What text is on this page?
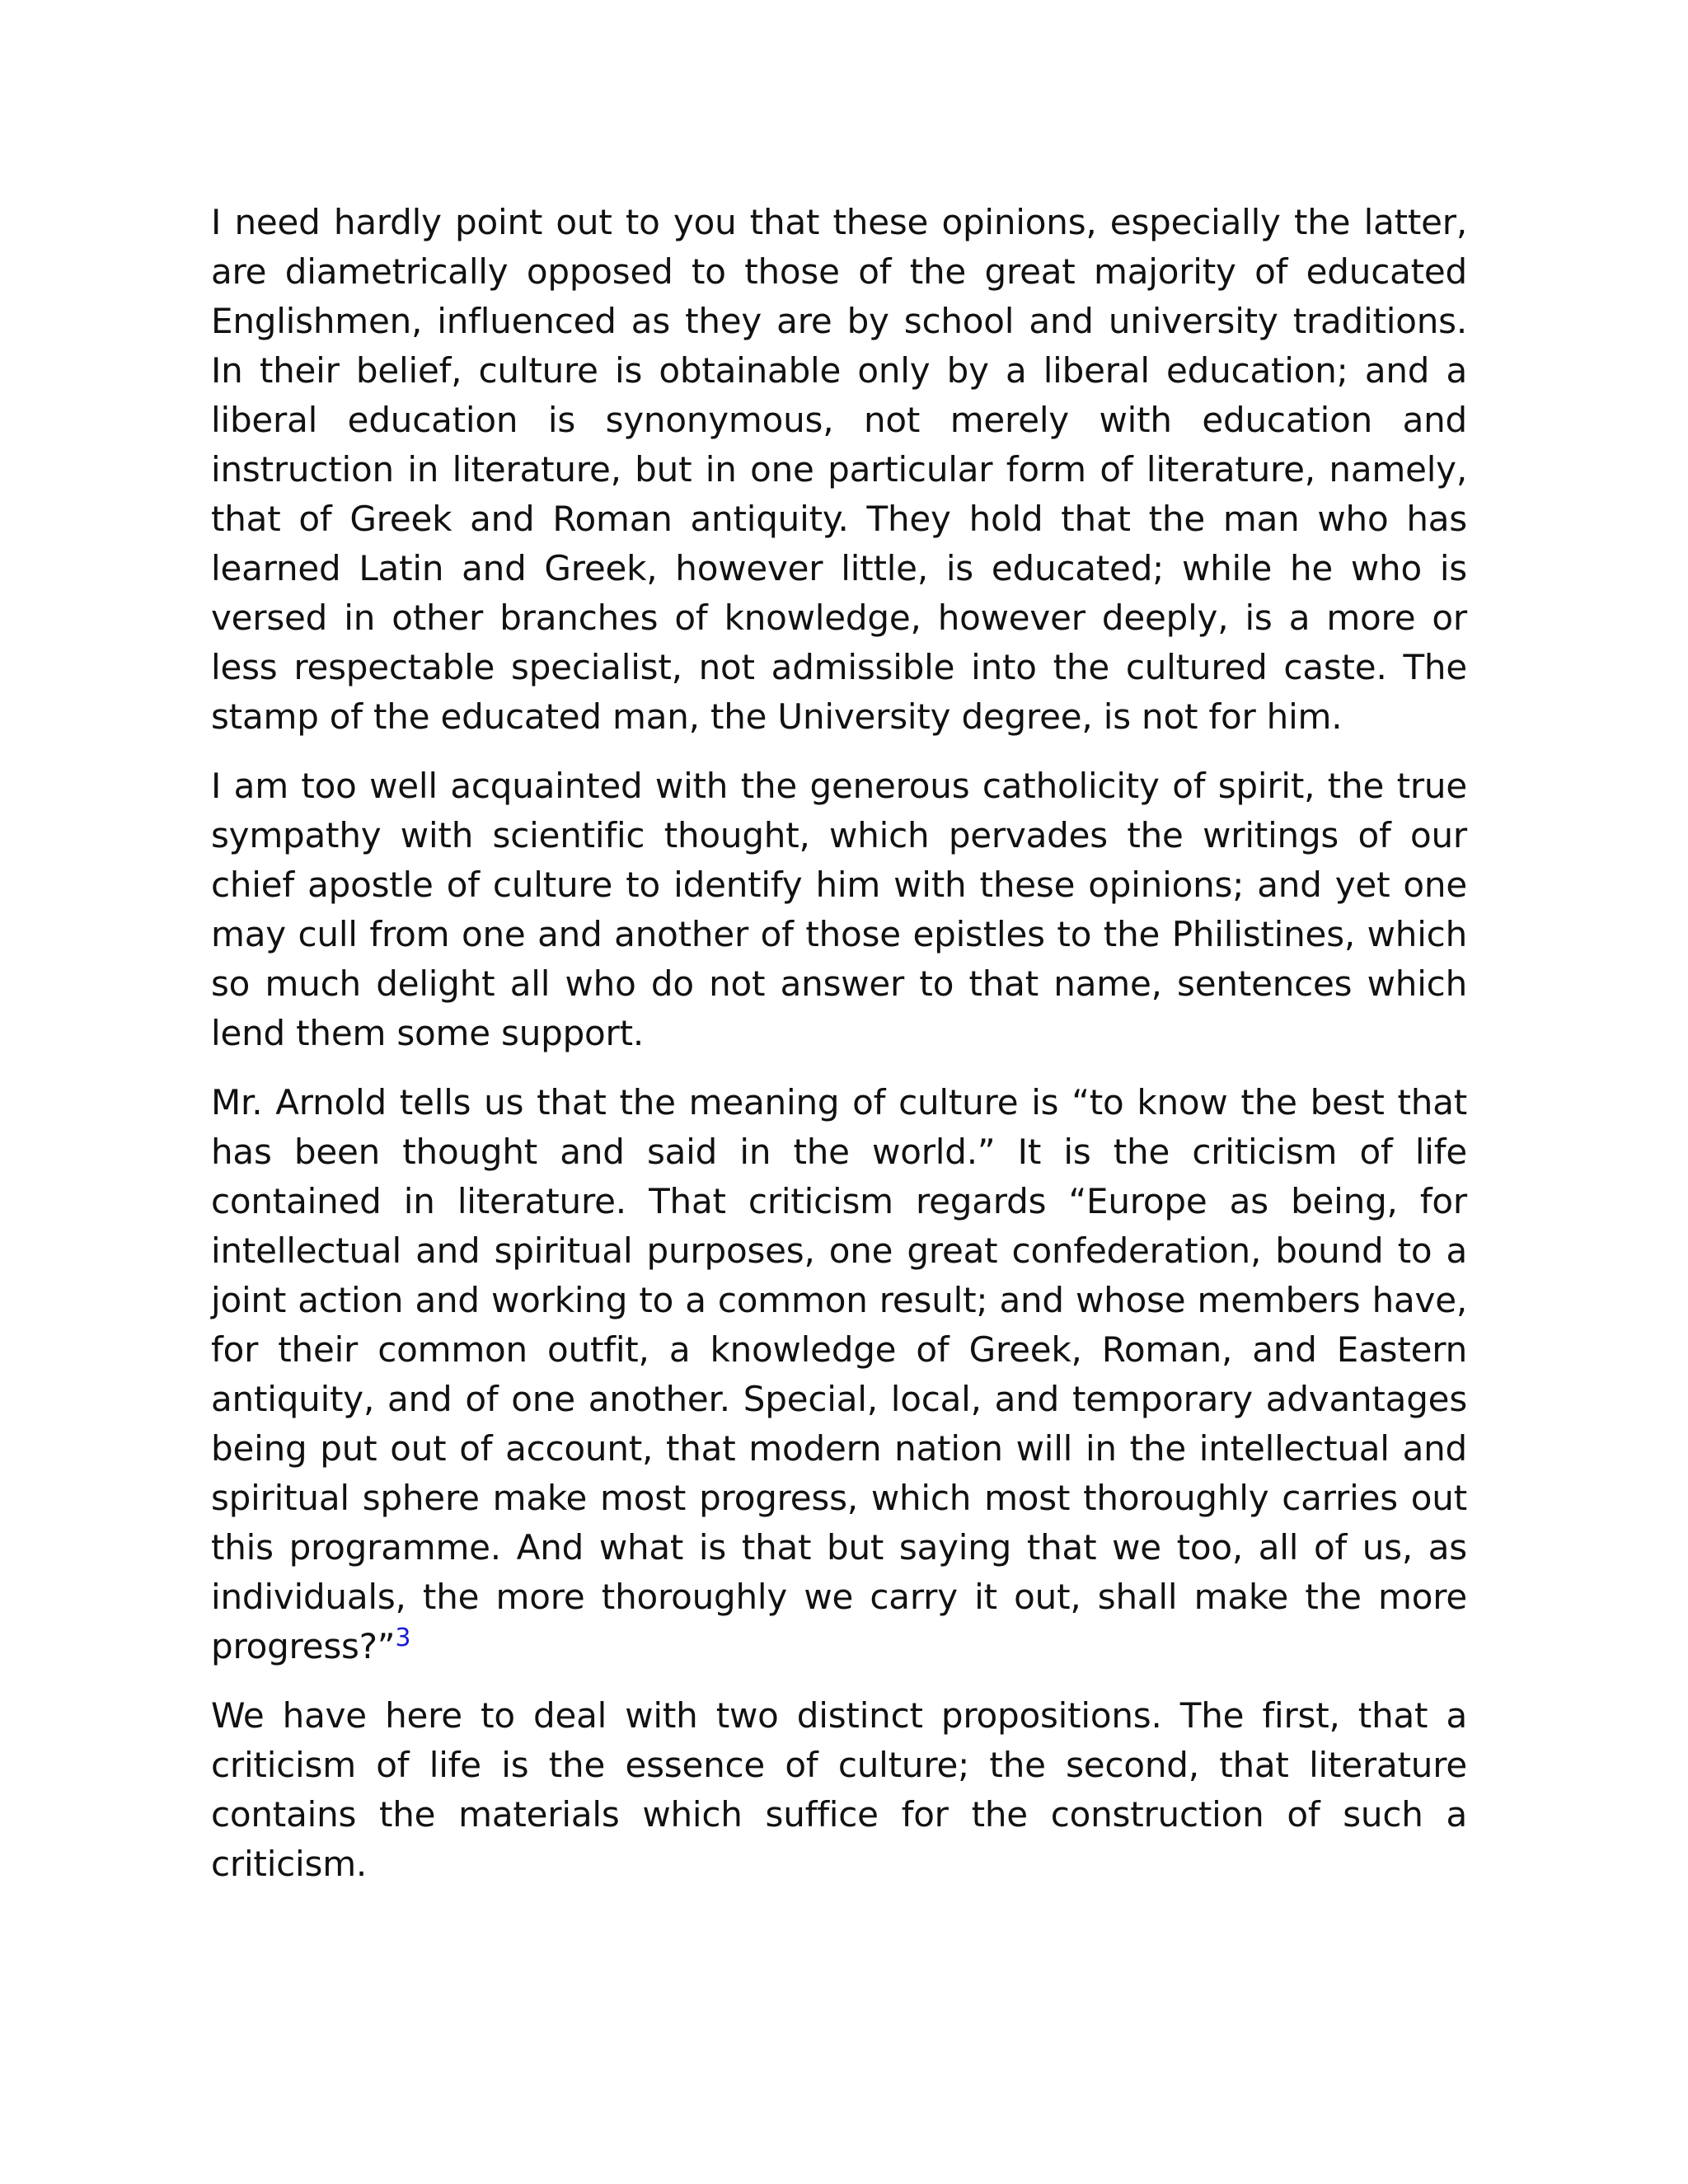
I need hardly point out to you that these opinions, especially the latter, are diametrically opposed to those of the great majority of educated Englishmen, influenced as they are by school and university traditions. In their belief, culture is obtainable only by a liberal education; and a liberal education is synonymous, not merely with education and instruction in literature, but in one particular form of literature, namely, that of Greek and Roman antiquity. They hold that the man who has learned Latin and Greek, however little, is educated; while he who is versed in other branches of knowledge, however deeply, is a more or less respectable specialist, not admissible into the cultured caste. The stamp of the educated man, the University degree, is not for him.

I am too well acquainted with the generous catholicity of spirit, the true sympathy with scientific thought, which pervades the writings of our chief apostle of culture to identify him with these opinions; and yet one may cull from one and another of those epistles to the Philistines, which so much delight all who do not answer to that name, sentences which lend them some support.

Mr. Arnold tells us that the meaning of culture is “to know the best that has been thought and said in the world.” It is the criticism of life contained in literature. That criticism regards “Europe as being, for intellectual and spiritual purposes, one great confederation, bound to a joint action and working to a common result; and whose members have, for their common outfit, a knowledge of Greek, Roman, and Eastern antiquity, and of one another. Special, local, and temporary advantages being put out of account, that modern nation will in the intellectual and spiritual sphere make most progress, which most thoroughly carries out this programme. And what is that but saying that we too, all of us, as individuals, the more thoroughly we carry it out, shall make the more progress?”$^3$

We have here to deal with two distinct propositions. The first, that a criticism of life is the essence of culture; the second, that literature contains the materials which suffice for the construction of such a criticism.
